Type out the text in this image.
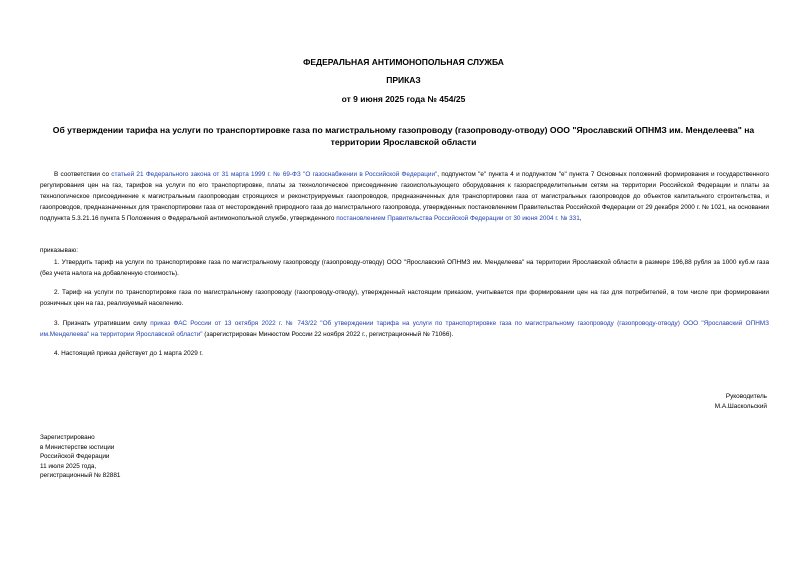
ФЕДЕРАЛЬНАЯ АНТИМОНОПОЛЬНАЯ СЛУЖБА
ПРИКАЗ
от 9 июня 2025 года № 454/25
Об утверждении тарифа на услуги по транспортировке газа по магистральному газопроводу (газопроводу-отводу) ООО "Ярославский ОПНМЗ им. Менделеева" на территории Ярославской области
В соответствии со статьей 21 Федерального закона от 31 марта 1999 г. № 69-ФЗ "О газоснабжении в Российской Федерации", подпунктом "е" пункта 4 и подпунктом "е" пункта 7 Основных положений формирования и государственного регулирования цен на газ, тарифов на услуги по его транспортировке, платы за технологическое присоединение газоиспользующего оборудования к газораспределительным сетям на территории Российской Федерации и платы за технологическое присоединение к магистральным газопроводам строящихся и реконструируемых газопроводов, предназначенных для транспортировки газа от магистральных газопроводов до объектов капитального строительства, и газопроводов, предназначенных для транспортировки газа от месторождений природного газа до магистрального газопровода, утвержденных постановлением Правительства Российской Федерации от 29 декабря 2000 г. № 1021, на основании подпункта 5.3.21.16 пункта 5 Положения о Федеральной антимонопольной службе, утвержденного постановлением Правительства Российской Федерации от 30 июня 2004 г. № 331,
приказываю:
1. Утвердить тариф на услуги по транспортировке газа по магистральному газопроводу (газопроводу-отводу) ООО "Ярославский ОПНМЗ им. Менделеева" на территории Ярославской области в размере 196,88 рубля за 1000 куб.м газа (без учета налога на добавленную стоимость).
2. Тариф на услуги по транспортировке газа по магистральному газопроводу (газопроводу-отводу), утвержденный настоящим приказом, учитывается при формировании цен на газ для потребителей, в том числе при формировании розничных цен на газ, реализуемый населению.
3. Признать утратившим силу приказ ФАС России от 13 октября 2022 г. № 743/22 "Об утверждении тарифа на услуги по транспортировке газа по магистральному газопроводу (газопроводу-отводу) ООО "Ярославский ОПНМЗ им.Менделеева" на территории Ярославской области" (зарегистрирован Минюстом России 22 ноября 2022 г., регистрационный № 71066).
4. Настоящий приказ действует до 1 марта 2029 г.
Руководитель
М.А.Шаскольский
Зарегистрировано
в Министерстве юстиции
Российской Федерации
11 июля 2025 года,
регистрационный № 82881
